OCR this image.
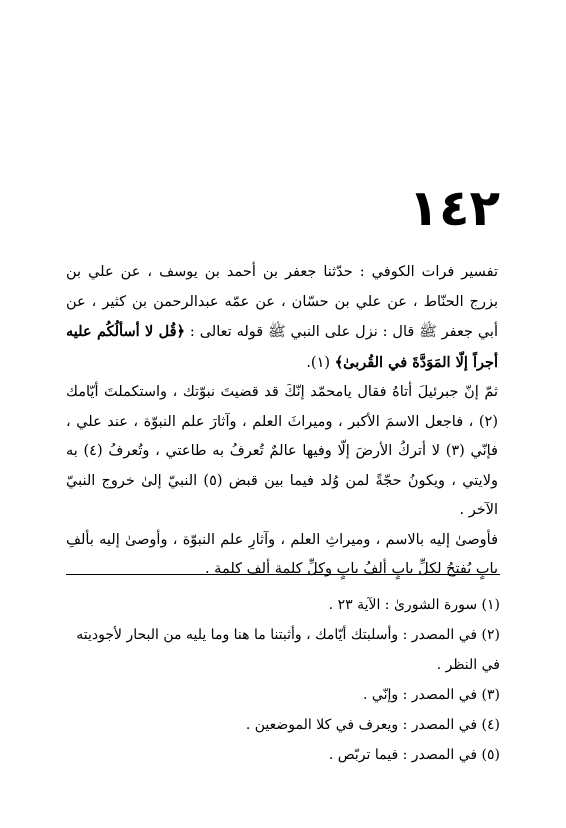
١٤٢

تفسير فرات الكوفي : حدّثنا جعفر بن أحمد بن يوسف ، عن علي بن بزرج الحنّاط ، عن علي بن حسّان ، عن عمّه عبدالرحمن بن كثير ، عن أبي جعفر ﷺ قال : نزل على النبي ﷺ قوله تعالى : ﴿قُل لا أسألُكُم عليه أجراً إلّا المَوَدَّةَ في القُربىٰ﴾ (١).

ثمّ إنّ جبرئيلَ أتاهُ فقال يامحمّد إنّكَ قد قضيتَ نبوّتك ، واستكملتَ أيّامك (٢) ، فاجعل الاسمَ الأكبر ، وميراثَ العلم ، وآثارَ علم النبوّة ، عند علي ، فإنّي (٣) لا أتركُ الأرضَ إلّا وفيها عالمٌ تُعرفُ به طاعتي ، وتُعرفُ (٤) به ولايتي ، ويكونُ حجّةً لمن وُلد فيما بين قبض (٥) النبيّ إلىٰ خروج النبيّ الآخر .

فأوصىٰ إليه بالاسم ، وميراثِ العلم ، وآثارِ علم النبوّة ، وأوصىٰ إليه بألفِ بابٍ يُفتحُ لكلِّ بابٍ ألفُ بابٍ وكلِّ كلمة ألف كلمة .

(١) سورة الشورىٰ : الآية ٢٣ .

(٢) في المصدر : وأسلبتك أيّامك ، وأثبتنا ما هنا وما يليه من البحار لأجوديته في النظر .

(٣) في المصدر : وإنّي .

(٤) في المصدر : ويعرف في كلا الموضعين .

(٥) في المصدر : فيما تربّص .
